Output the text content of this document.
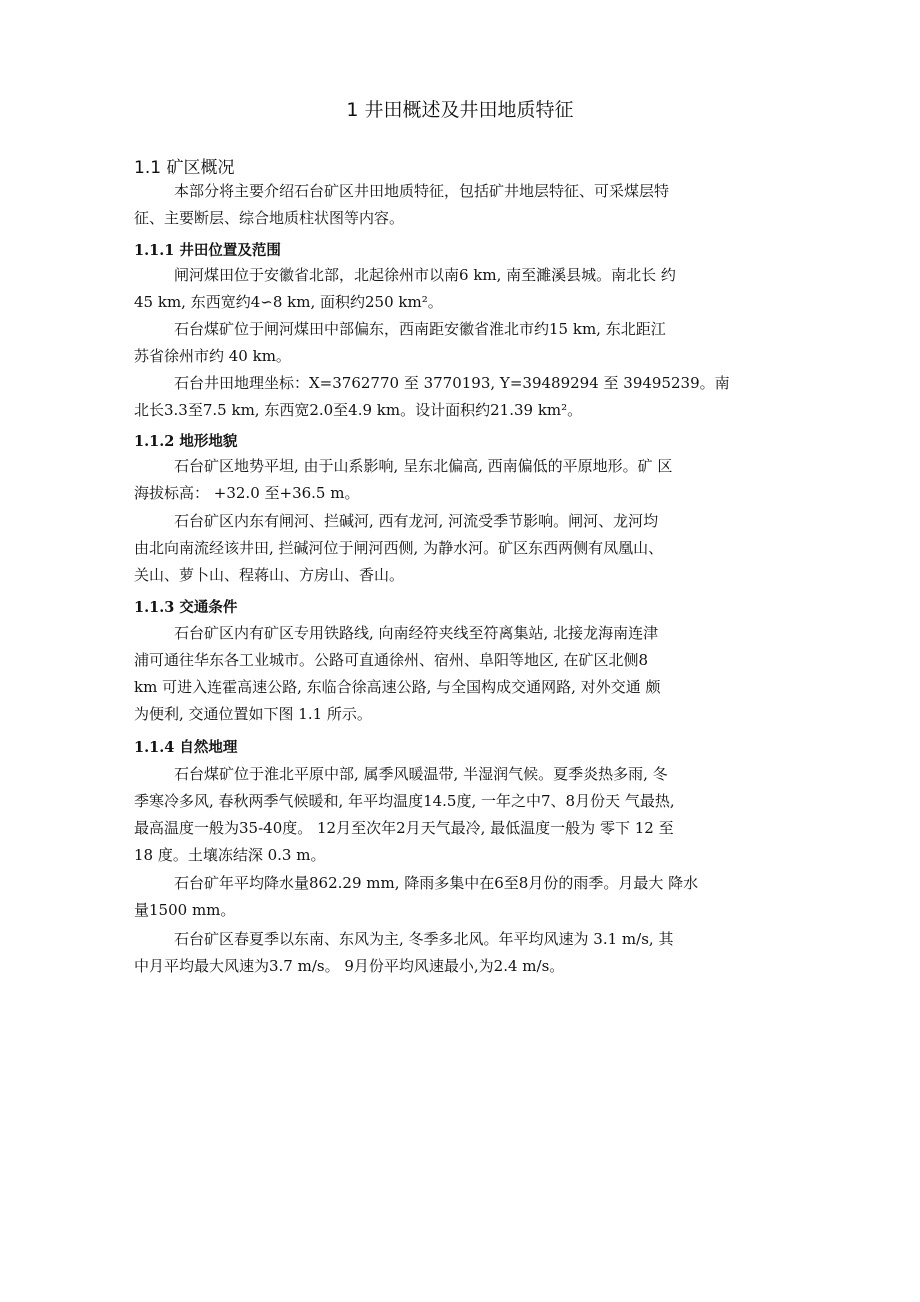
1 井田概述及井田地质特征
1.1 矿区概况
本部分将主要介绍石台矿区井田地质特征，包括矿井地层特征、可采煤层特
征、主要断层、综合地质柱状图等内容。
1.1.1 井田位置及范围
闸河煤田位于安徽省北部，北起徐州市以南6 km, 南至濉溪县城。南北长 约
45 km, 东西宽约4∽8 km, 面积约250 km²。
石台煤矿位于闸河煤田中部偏东，西南距安徽省淮北市约15 km, 东北距江
苏省徐州市约 40 km。
石台井田地理坐标：X=3762770 至 3770193, Y=39489294 至 39495239。南
北长3.3至7.5 km, 东西宽2.0至4.9 km。设计面积约21.39 km²。
1.1.2 地形地貌
石台矿区地势平坦, 由于山系影响, 呈东北偏高, 西南偏低的平原地形。矿 区
海拔标高： +32.0 至+36.5 m。
石台矿区内东有闸河、拦碱河, 西有龙河, 河流受季节影响。闸河、龙河均
由北向南流经该井田, 拦碱河位于闸河西侧, 为静水河。矿区东西两侧有凤凰山、
关山、萝卜山、程蒋山、方房山、香山。
1.1.3 交通条件
石台矿区内有矿区专用铁路线, 向南经符夹线至符离集站, 北接龙海南连津
浦可通往华东各工业城市。公路可直通徐州、宿州、阜阳等地区, 在矿区北侧8
km 可进入连霍高速公路, 东临合徐高速公路, 与全国构成交通网路, 对外交通 颇
为便利, 交通位置如下图 1.1 所示。
1.1.4 自然地理
石台煤矿位于淮北平原中部, 属季风暖温带, 半湿润气候。夏季炎热多雨, 冬
季寒冷多风, 春秋两季气候暖和, 年平均温度14.5度, 一年之中7、8月份天 气最热,
最高温度一般为35-40度。 12月至次年2月天气最冷, 最低温度一般为 零下 12 至
18 度。土壤冻结深 0.3 m。
石台矿年平均降水量862.29 mm, 降雨多集中在6至8月份的雨季。月最大 降水
量1500 mm。
石台矿区春夏季以东南、东风为主, 冬季多北风。年平均风速为 3.1 m/s, 其
中月平均最大风速为3.7 m/s。 9月份平均风速最小,为2.4 m/s。
